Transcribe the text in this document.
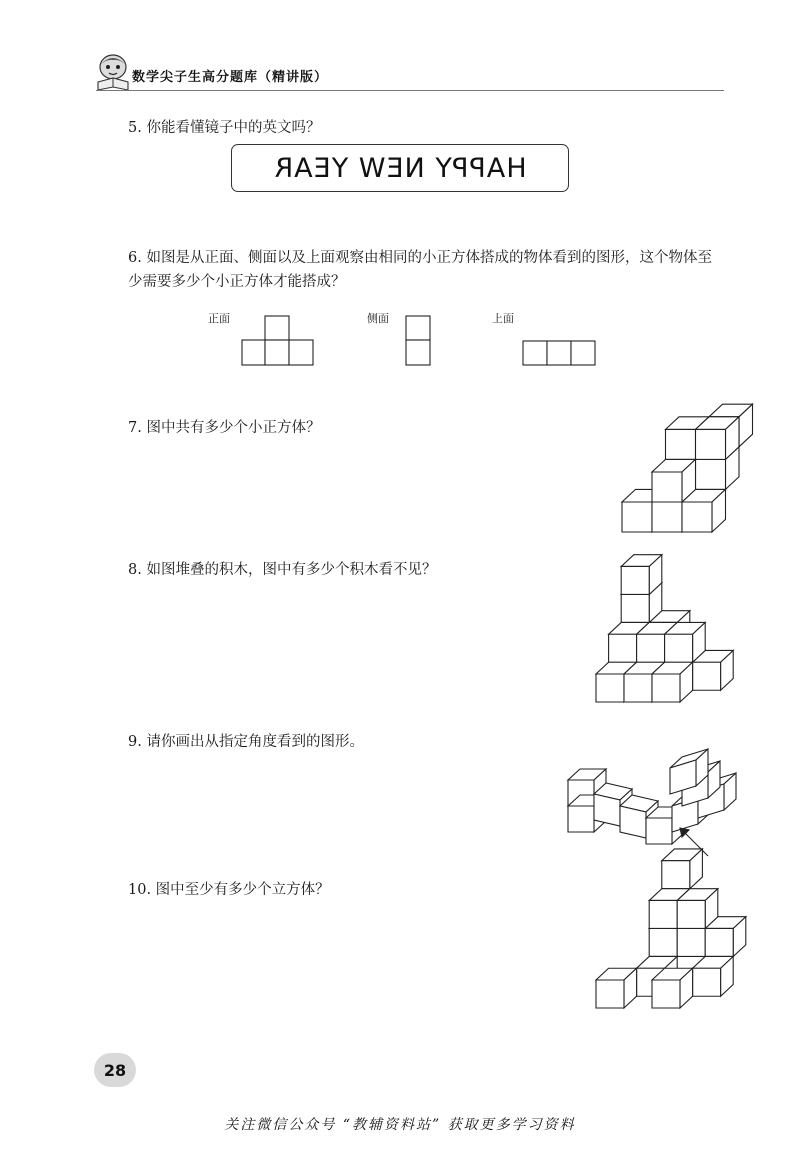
数学尖子生高分题库（精讲版）
5. 你能看懂镜子中的英文吗？
HAPPY NEW YEAR
6. 如图是从正面、侧面以及上面观察由相同的小正方体搭成的物体看到的图形，这个物体至少需要多少个小正方体才能搭成？
正面	侧面	上面
7. 图中共有多少个小正方体？
8. 如图堆叠的积木，图中有多少个积木看不见？
9. 请你画出从指定角度看到的图形。
10. 图中至少有多少个立方体？
28
关注微信公众号 “教辅资料站” 获取更多学习资料
